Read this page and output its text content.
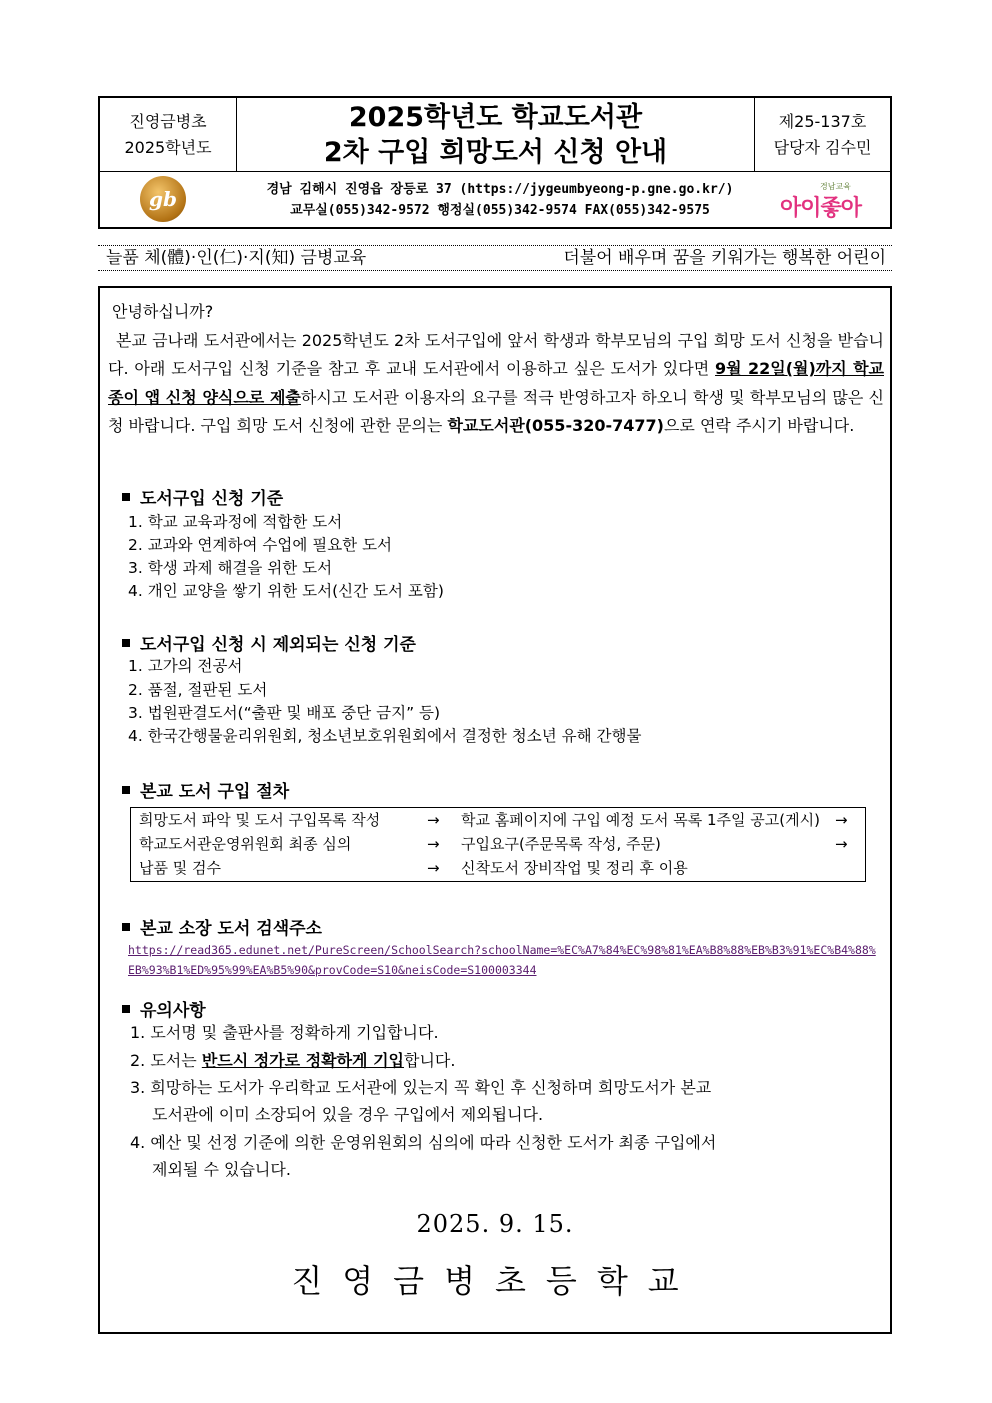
진영금병초
2025학년도
2025학년도 학교도서관
2차 구입 희망도서 신청 안내
제25-137호
담당자 김수민
gb	경남 김해시 진영읍 장등로 37 (https://jygeumbyeong-p.gne.go.kr/)
교무실(055)342-9572 행정실(055)342-9574 FAX(055)342-9575
경남교육
아이좋아
늘품 체(體)·인(仁)·지(知) 금병교육	더불어 배우며 꿈을 키워가는 행복한 어린이
안녕하십니까?
본교 금나래 도서관에서는 2025학년도 2차 도서구입에 앞서 학생과 학부모님의 구입 희망 도서 신청을 받습니다. 아래 도서구입 신청 기준을 참고 후 교내 도서관에서 이용하고 싶은 도서가 있다면 9월 22일(월)까지 학교종이 앱 신청 양식으로 제출하시고 도서관 이용자의 요구를 적극 반영하고자 하오니 학생 및 학부모님의 많은 신청 바랍니다. 구입 희망 도서 신청에 관한 문의는 학교도서관(055-320-7477)으로 연락 주시기 바랍니다.
도서구입 신청 기준
1. 학교 교육과정에 적합한 도서
2. 교과와 연계하여 수업에 필요한 도서
3. 학생 과제 해결을 위한 도서
4. 개인 교양을 쌓기 위한 도서(신간 도서 포함)
도서구입 신청 시 제외되는 신청 기준
1. 고가의 전공서
2. 품절, 절판된 도서
3. 법원판결도서(“출판 및 배포 중단 금지” 등)
4. 한국간행물윤리위원회, 청소년보호위원회에서 결정한 청소년 유해 간행물
본교 도서 구입 절차
희망도서 파악 및 도서 구입목록 작성	→ 학교 홈페이지에 구입 예정 도서 목록 1주일 공고(게시) →
학교도서관운영위원회 최종 심의	→ 구입요구(주문목록 작성, 주문)	→
납품 및 검수	→ 신착도서 장비작업 및 정리 후 이용
본교 소장 도서 검색주소
https://read365.edunet.net/PureScreen/SchoolSearch?schoolName=%EC%A7%84%EC%98%81%EA%B8%88%EB%B3%91%EC%B4%88%EB%93%B1%ED%95%99%EA%B5%90&provCode=S10&neisCode=S100003344
유의사항
1. 도서명 및 출판사를 정확하게 기입합니다.
2. 도서는 반드시 정가로 정확하게 기입합니다.
3. 희망하는 도서가 우리학교 도서관에 있는지 꼭 확인 후 신청하며 희망도서가 본교
도서관에 이미 소장되어 있을 경우 구입에서 제외됩니다.
4. 예산 및 선정 기준에 의한 운영위원회의 심의에 따라 신청한 도서가 최종 구입에서
제외될 수 있습니다.
2025. 9. 15.
진영금병초등학교
